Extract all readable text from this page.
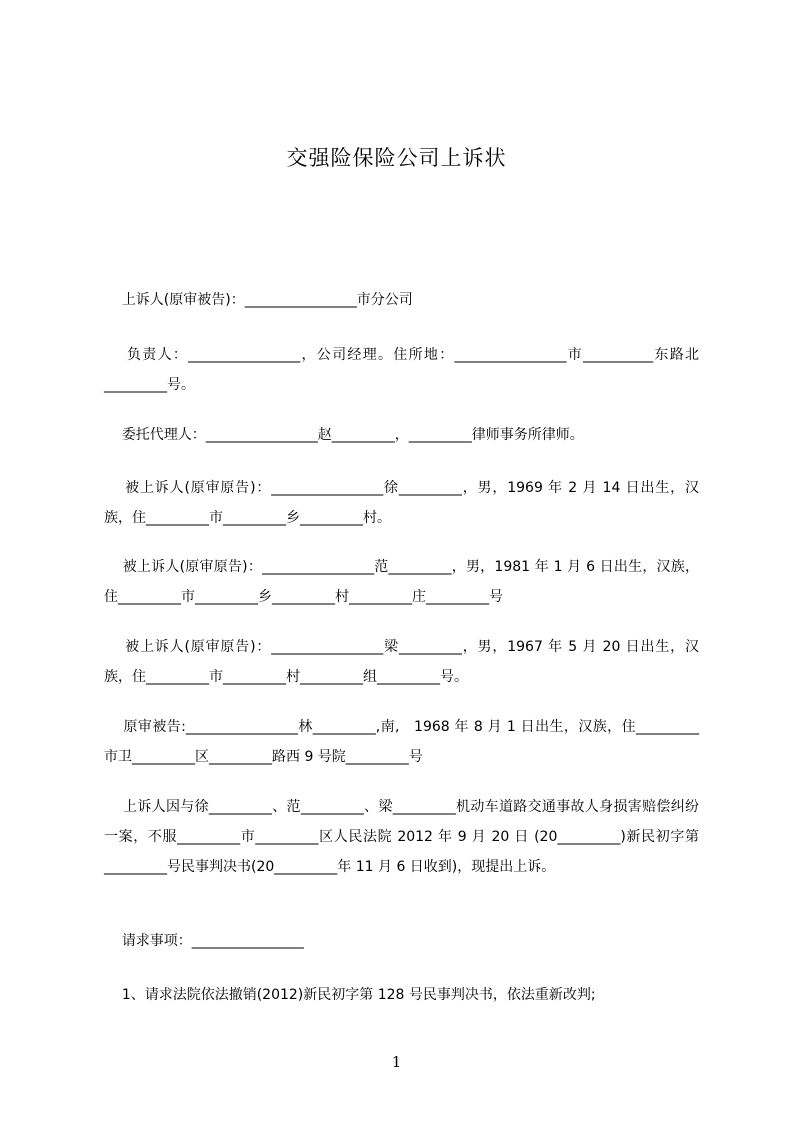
交强险保险公司上诉状
上诉人(原审被告)：________________市分公司
负责人：________________，公司经理。住所地：________________市__________东路北_________号。
委托代理人：________________赵_________，_________律师事务所律师。
被上诉人(原审原告)：________________徐_________，男，1969 年 2 月 14 日出生，汉族，住_________市_________乡_________村。
被上诉人(原审原告)：________________范_________，男，1981 年 1 月 6 日出生，汉族，住_________市_________乡_________村_________庄_________号
被上诉人(原审原告)：________________梁_________，男，1967 年 5 月 20 日出生，汉族，住_________市_________村_________组_________号。
原审被告:________________林_________,南,   1968 年 8 月 1 日出生，汉族，住_________市卫_________区_________路西 9 号院_________号
上诉人因与徐_________、范_________、梁_________机动车道路交通事故人身损害赔偿纠纷一案，不服_________市_________区人民法院 2012 年 9 月 20 日 (20_________)新民初字第_________号民事判决书(20_________年 11 月 6 日收到)，现提出上诉。
请求事项：________________
1、请求法院依法撤销(2012)新民初字第 128 号民事判决书，依法重新改判;
1
